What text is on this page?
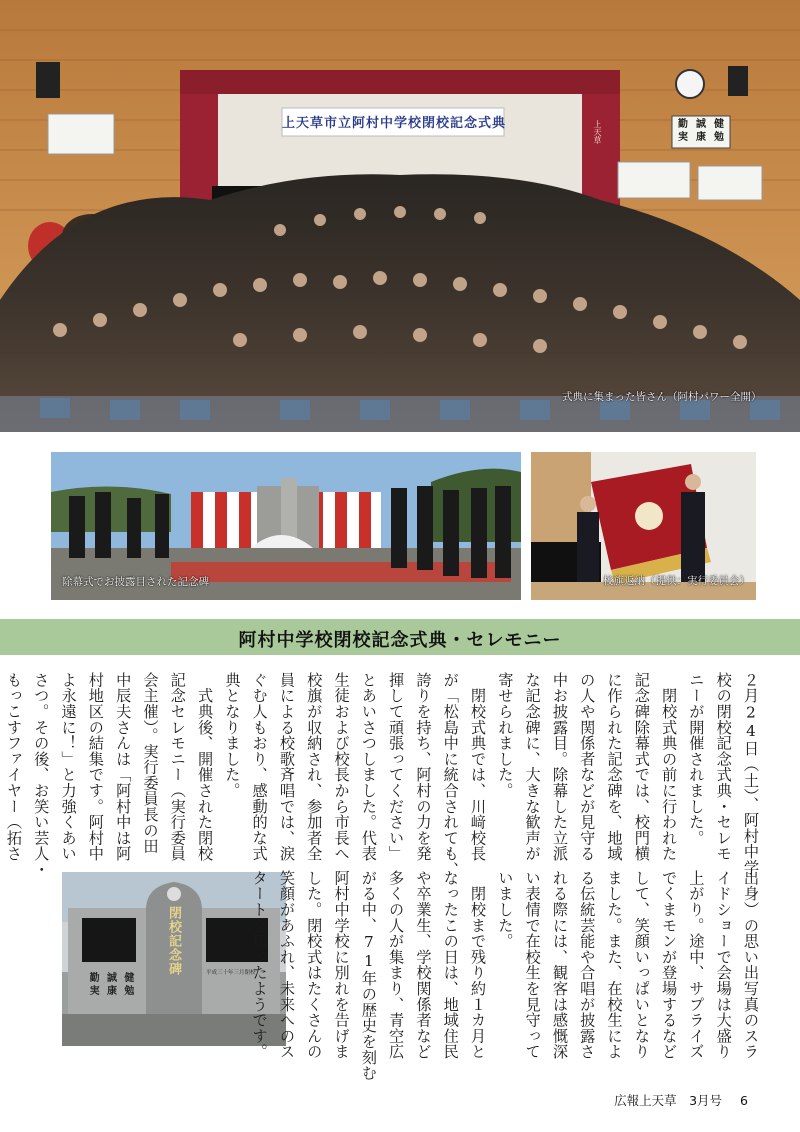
上天草市立阿村中学校閉校記念式典	上天草	勤 誠 健
実 康 勉
式典に集まった皆さん（阿村パワー全開）
除幕式でお披露目された記念碑	校旗返納（提供：実行委員会）
阿村中学校閉校記念式典・セレモニー
２月24日（土）、阿村中学
校の閉校記念式典・セレモ
ニーが開催されました。
　閉校式典の前に行われた
記念碑除幕式では、校門横
に作られた記念碑を、地域
の人や関係者などが見守る
中お披露目。除幕した立派
な記念碑に、大きな歓声が
寄せられました。
　閉校式典では、川﨑校長
が「松島中に統合されても、
誇りを持ち、阿村の力を発
揮して頑張ってください」
とあいさつしました。代表
生徒および校長から市長へ
校旗が収納され、参加者全
員による校歌斉唱では、涙
ぐむ人もおり、感動的な式
典となりました。
　式典後、開催された閉校
記念セレモニー（実行委員
会主催）。実行委員長の田
中辰夫さんは「阿村中は阿
村地区の結集です。阿村中
よ永遠に！」と力強くあい
さつ。その後、お笑い芸人・
もっこすファイヤー（拓さ

閉校記念碑	平成三十年三月閉校
勤 誠 健
実 康 勉	出身）の思い出写真のスラ
イドショーで会場は大盛り
上がり。途中、サプライズ
でくまモンが登場するなど
して、笑顔いっぱいとなり
ました。また、在校生によ
る伝統芸能や合唱が披露さ
れる際には、観客は感慨深
い表情で在校生を見守って
いました。
　閉校まで残り約１カ月と
なったこの日は、地域住民
や卒業生、学校関係者など
多くの人が集まり、青空広
がる中、71年の歴史を刻む
阿村中学校に別れを告げま
した。閉校式はたくさんの
笑顔があふれ、未来へのス
タートを切ったようです。
広報上天草　3月号 6
